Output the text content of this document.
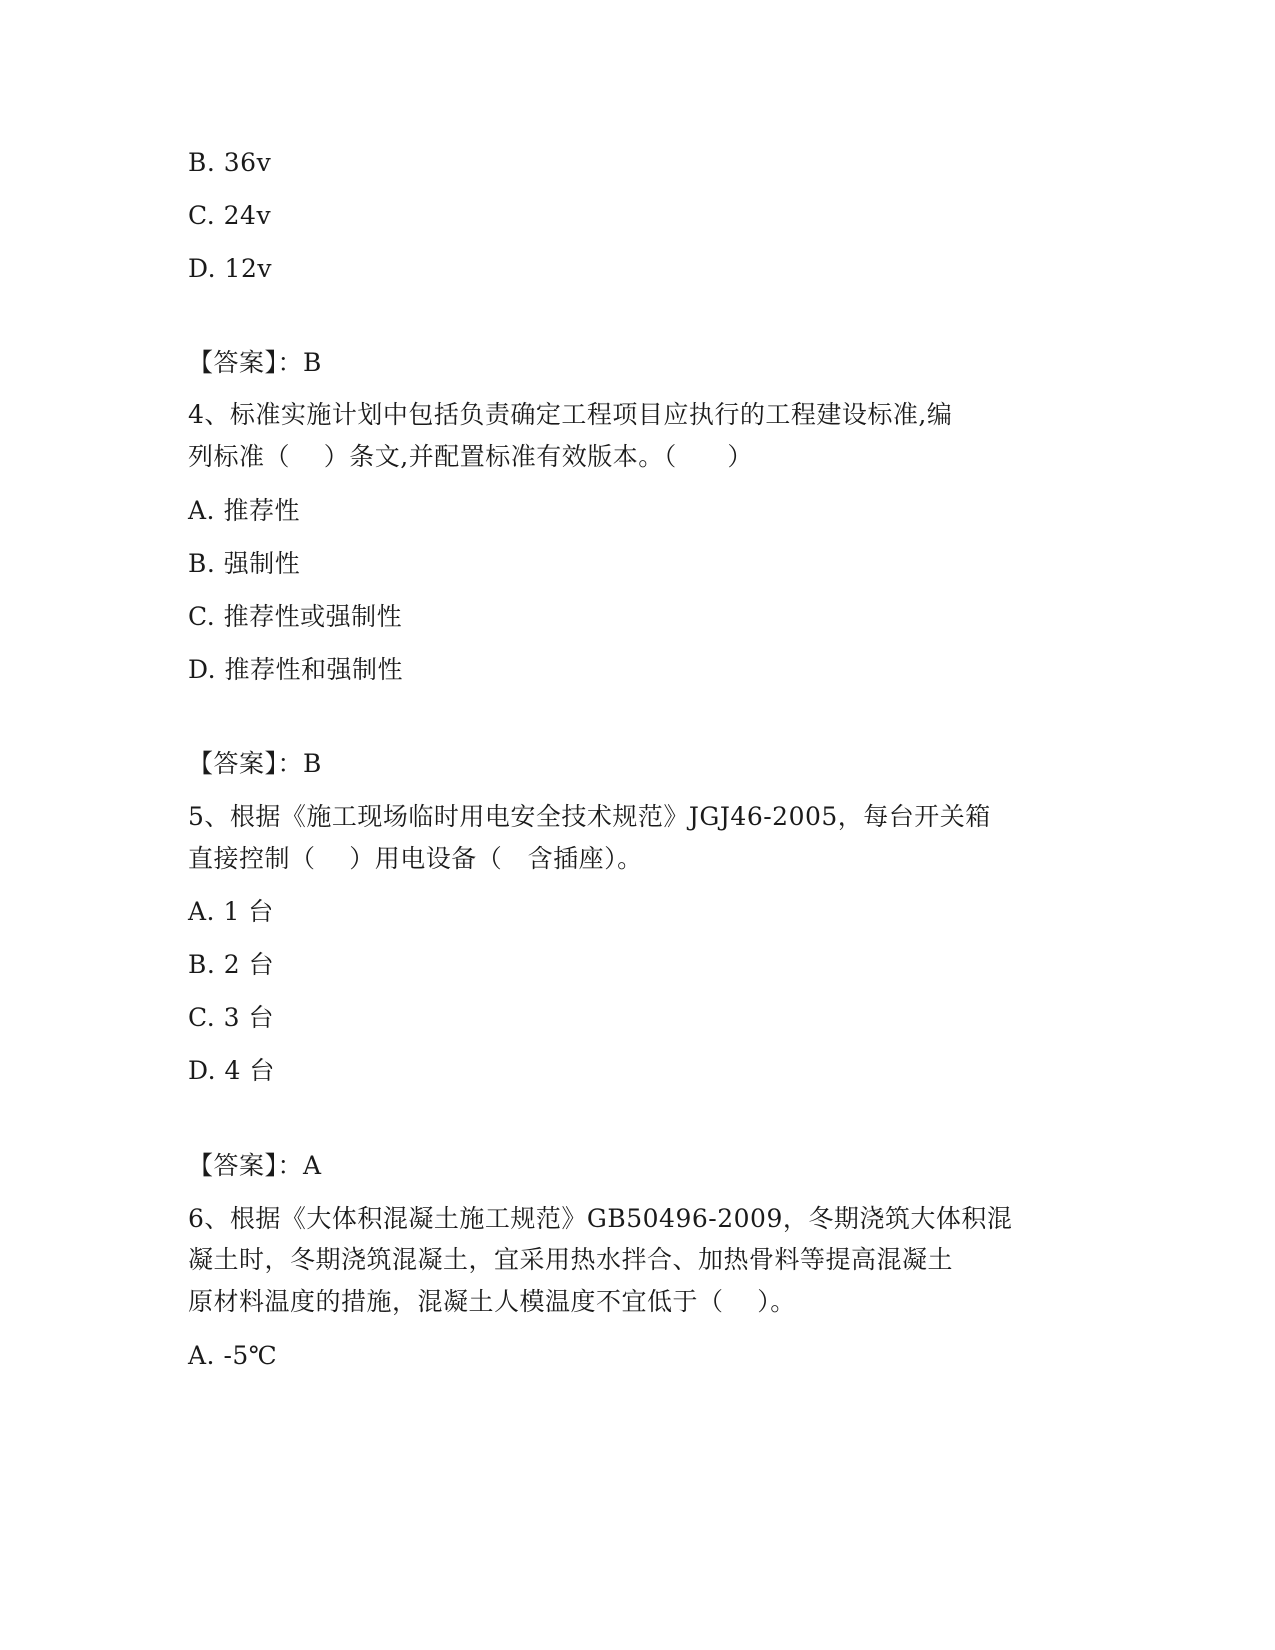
B. 36v
C. 24v
D. 12v
【答案】：B
4、标准实施计划中包括负责确定工程项目应执行的工程建设标准,编
列标准（    ）条文,并配置标准有效版本。（      ）
A. 推荐性
B. 强制性
C. 推荐性或强制性
D. 推荐性和强制性
【答案】：B
5、根据《施工现场临时用电安全技术规范》JGJ46-2005，每台开关箱
直接控制（    ）用电设备（   含插座）。
A. 1 台
B. 2 台
C. 3 台
D. 4 台
【答案】：A
6、根据《大体积混凝土施工规范》GB50496-2009，冬期浇筑大体积混
凝土时，冬期浇筑混凝土，宜采用热水拌合、加热骨料等提高混凝土
原材料温度的措施，混凝土人模温度不宜低于（    ）。
A. -5℃
